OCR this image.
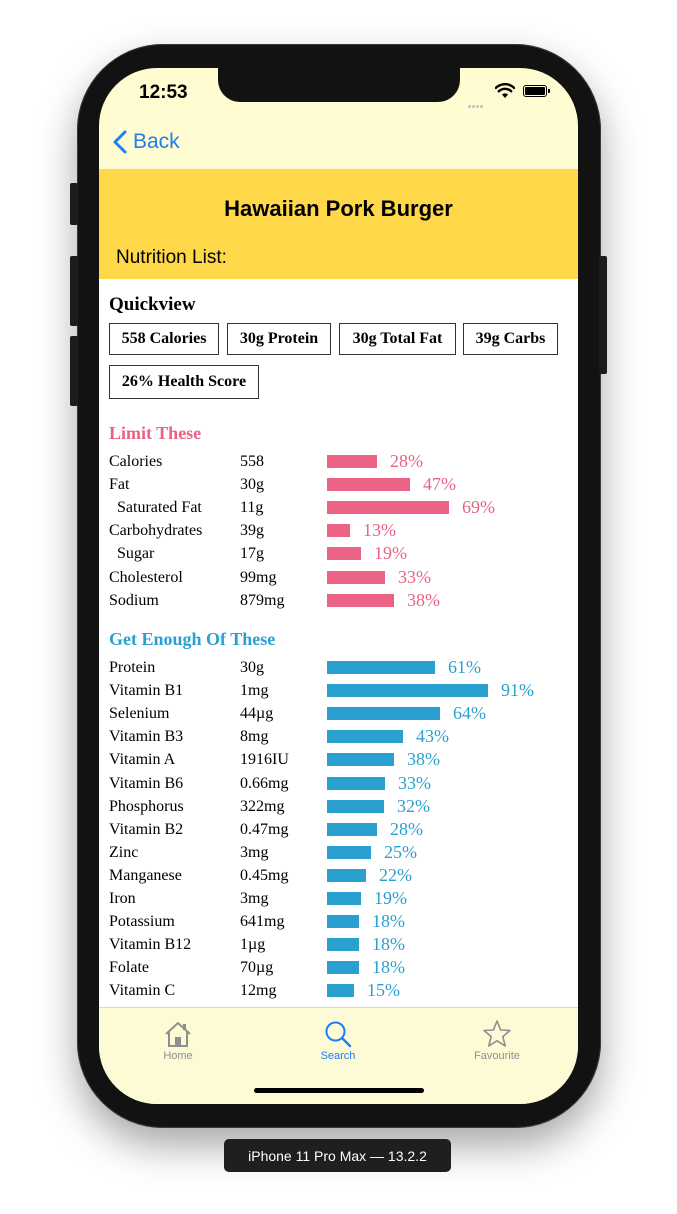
12:53
Back
Hawaiian Pork Burger
Nutrition List:
Quickview
558 Calories	30g Protein	30g Total Fat	39g Carbs
26% Health Score
Limit These
Calories	558	28%
Fat	30g	47%
Saturated Fat 11g	69%
Carbohydrates 39g	13%
Sugar	17g	19%
Cholesterol	99mg	33%
Sodium	879mg	38%
Get Enough Of These
Protein	30g	61%
Vitamin B1	1mg	91%
Selenium	44µg	64%
Vitamin B3	8mg	43%
Vitamin A	1916IU	38%
Vitamin B6	0.66mg	33%
Phosphorus	322mg	32%
Vitamin B2	0.47mg	28%
Zinc	3mg	25%
Manganese	0.45mg	22%
Iron	3mg	19%
Potassium	641mg	18%
Vitamin B12	1µg	18%
Folate	70µg	18%
Vitamin C	12mg	15%
Home	Search	Favourite
iPhone 11 Pro Max — 13.2.2
